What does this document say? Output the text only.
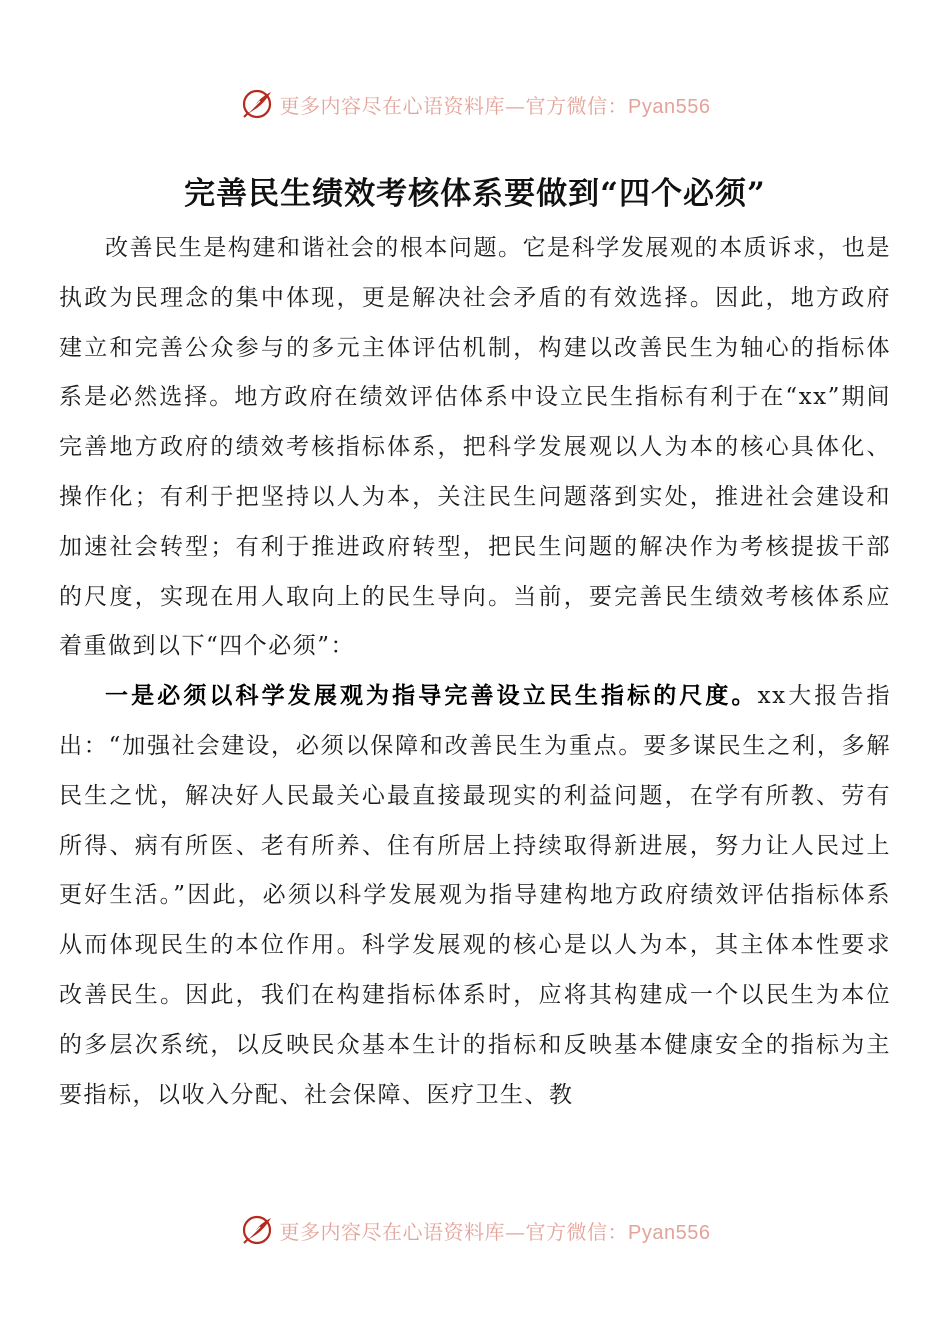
更多内容尽在心语资料库—官方微信：Pyan556
完善民生绩效考核体系要做到“四个必须”

改善民生是构建和谐社会的根本问题。它是科学发展观的本质诉求，也是执政为民理念的集中体现，更是解决社会矛盾的有效选择。因此，地方政府建立和完善公众参与的多元主体评估机制，构建以改善民生为轴心的指标体系是必然选择。地方政府在绩效评估体系中设立民生指标有利于在“xx”期间完善地方政府的绩效考核指标体系，把科学发展观以人为本的核心具体化、操作化；有利于把坚持以人为本，关注民生问题落到实处，推进社会建设和加速社会转型；有利于推进政府转型，把民生问题的解决作为考核提拔干部的尺度，实现在用人取向上的民生导向。当前，要完善民生绩效考核体系应着重做到以下“四个必须”：

一是必须以科学发展观为指导完善设立民生指标的尺度。xx大报告指出：“加强社会建设，必须以保障和改善民生为重点。要多谋民生之利，多解民生之忧，解决好人民最关心最直接最现实的利益问题，在学有所教、劳有所得、病有所医、老有所养、住有所居上持续取得新进展，努力让人民过上更好生活。”因此，必须以科学发展观为指导建构地方政府绩效评估指标体系从而体现民生的本位作用。科学发展观的核心是以人为本，其主体本性要求改善民生。因此，我们在构建指标体系时，应将其构建成一个以民生为本位的多层次系统，以反映民众基本生计的指标和反映基本健康安全的指标为主要指标，以收入分配、社会保障、医疗卫生、教

更多内容尽在心语资料库—官方微信：Pyan556
